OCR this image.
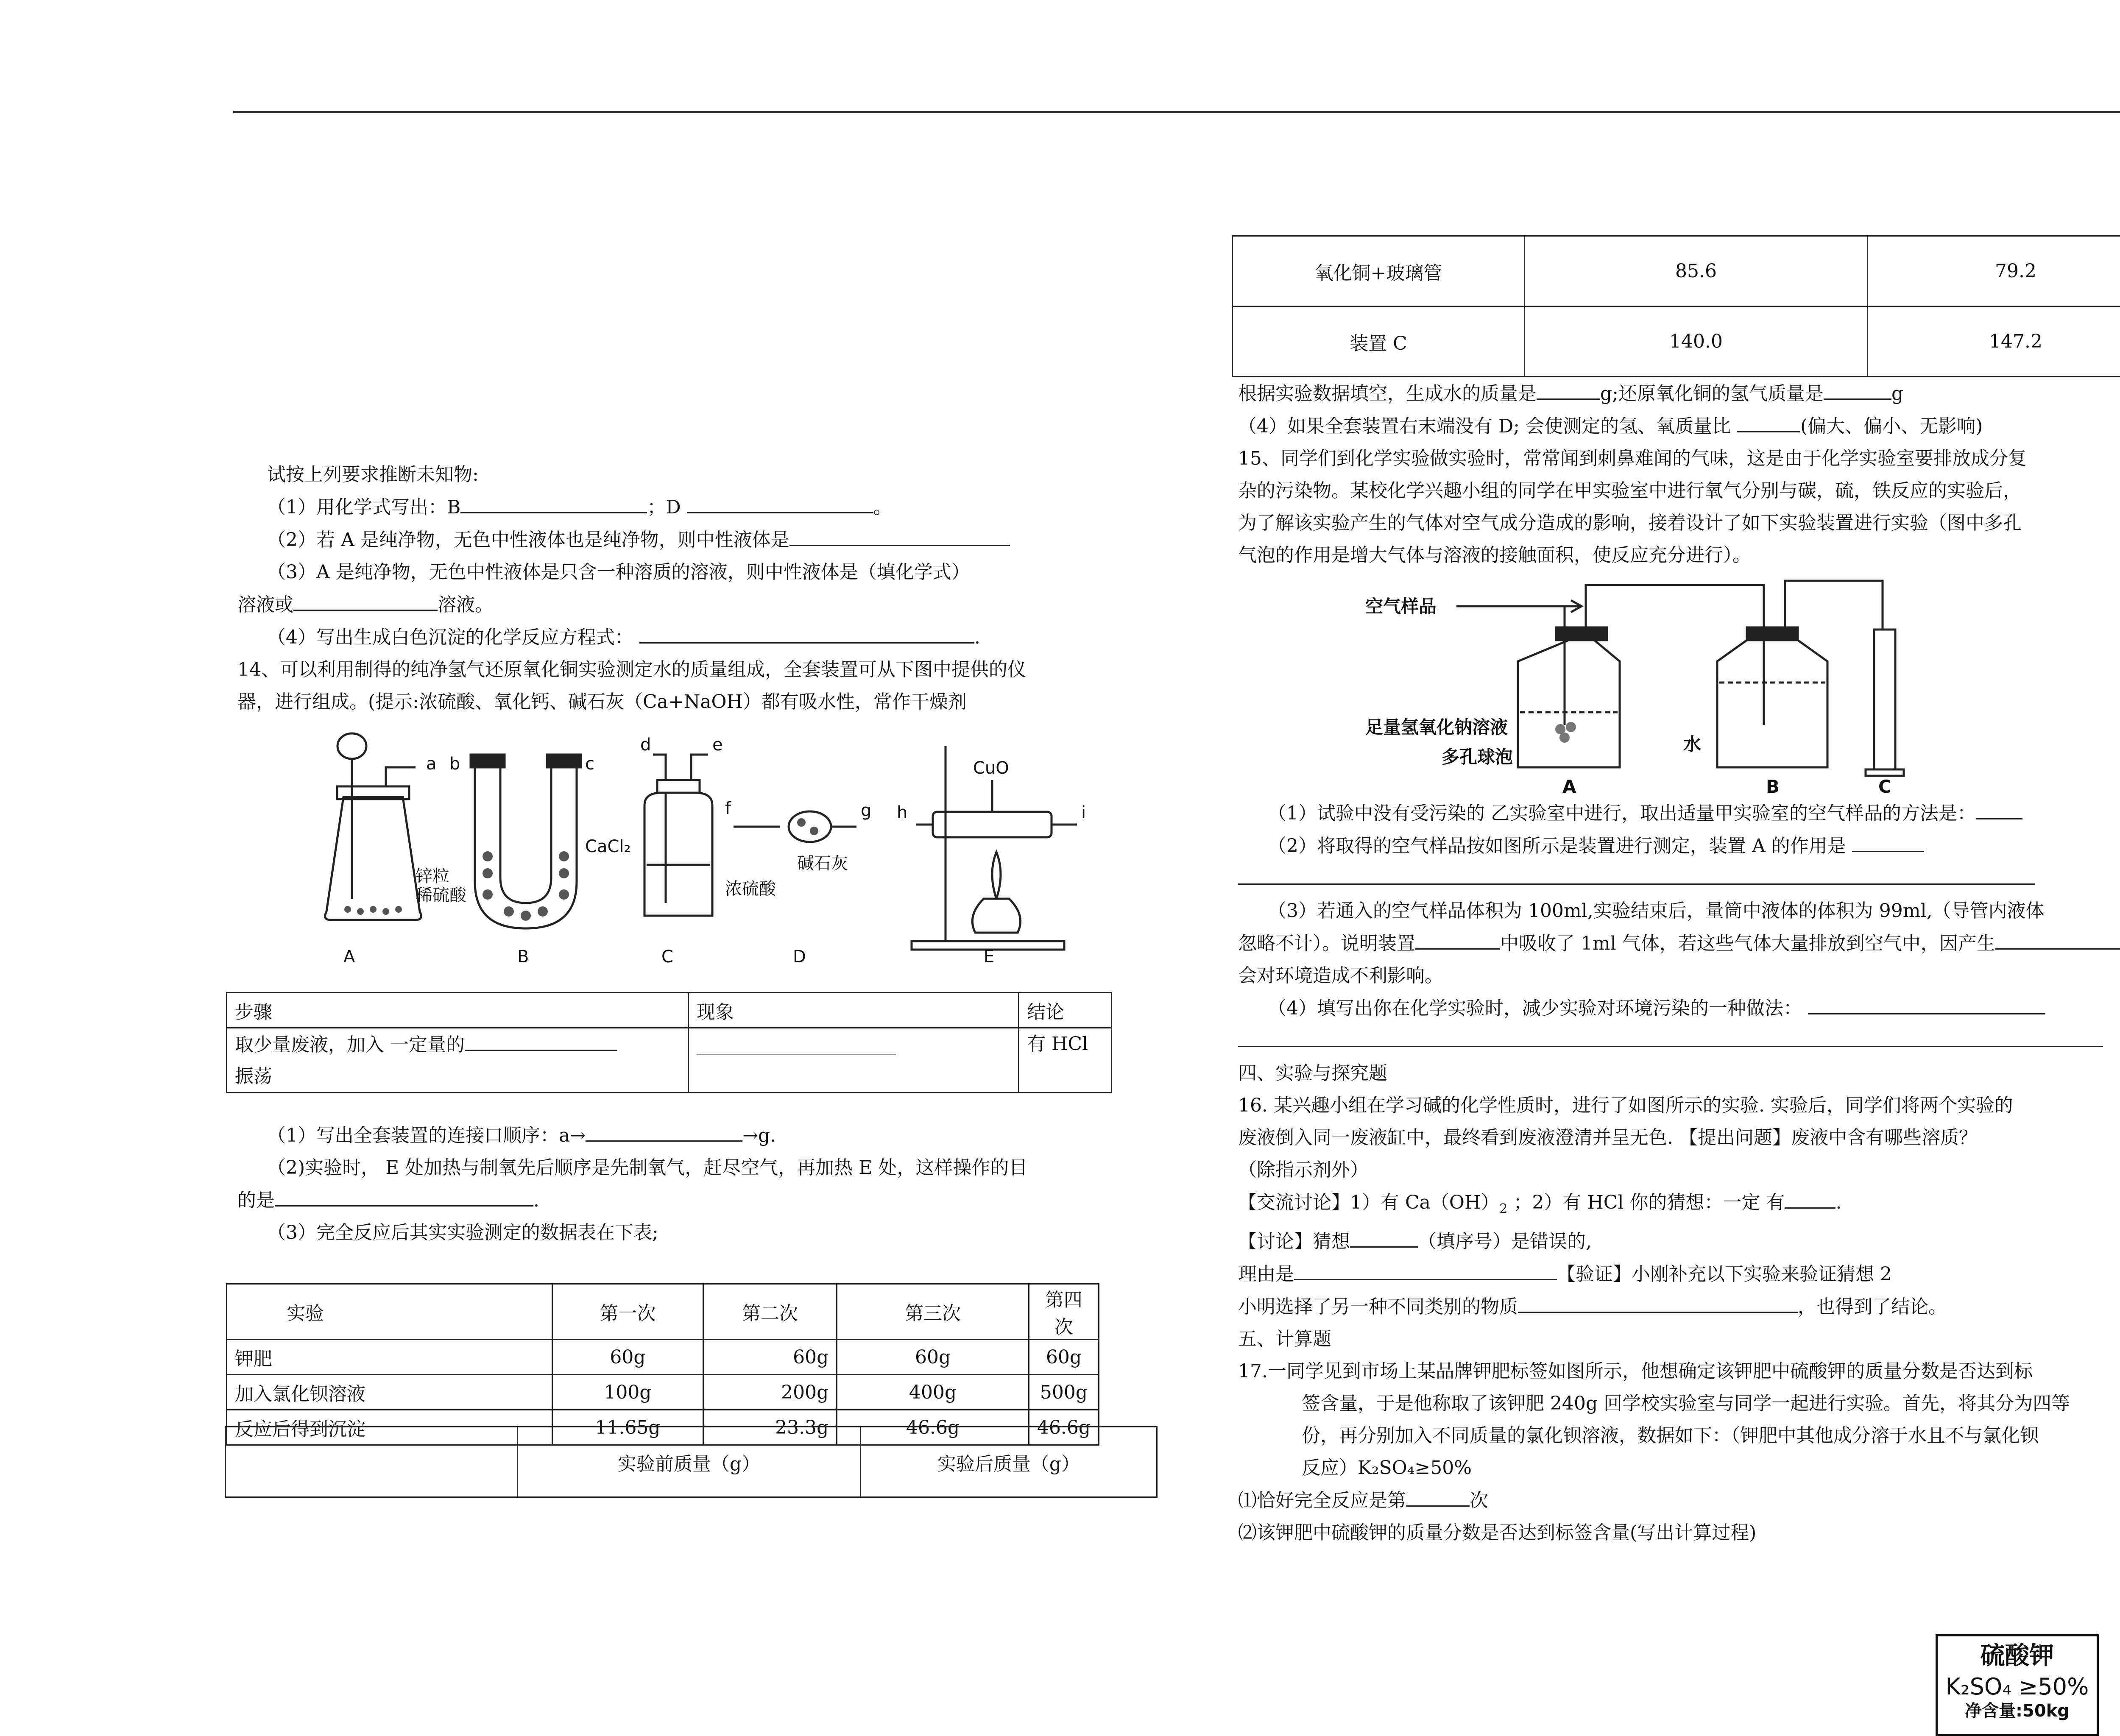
试按上列要求推断未知物:

（1）用化学式写出：B	；D	。

（2）若 A 是纯净物，无色中性液体也是纯净物，则中性液体是

（3）A 是纯净物，无色中性液体是只含一种溶质的溶液，则中性液体是（填化学式）

溶液或	溶液。

（4）写出生成白色沉淀的化学反应方程式：	.

14、可以利用制得的纯净氢气还原氧化铜实验测定水的质量组成，全套装置可从下图中提供的仪

器，进行组成。(提示:浓硫酸、氧化钙、碱石灰（Ca+NaOH）都有吸水性，常作干燥剂

a b	c
d	e
f	g h	i
锌粒
稀硫酸
CaCl₂
浓硫酸
碱石灰
CuO
A	B	C	D	E
步骤	现象	结论
取少量废液，加入 一定量的
振荡		有 HCl

（1）写出全套装置的连接口顺序：a→	→g.

（2)实验时， E 处加热与制氧先后顺序是先制氧气，赶尽空气，再加热 E 处，这样操作的目

的是	.

（3）完全反应后其实实验测定的数据表在下表;

实验	第一次	第二次	第三次	第四次
钾肥	60g	60g	60g	60g
加入氯化钡溶液	100g	200g	400g	500g
反应后得到沉淀	11.65g	23.3g	46.6g	46.6g
	实验前质量（g）	实验后质量（g）
氧化铜+玻璃管	85.6	79.2
装置 C	140.0	147.2

根据实验数据填空，生成水的质量是	g;还原氧化铜的氢气质量是	g

（4）如果全套装置右末端没有 D; 会使测定的氢、氧质量比	(偏大、偏小、无影响)

15、同学们到化学实验做实验时，常常闻到刺鼻难闻的气味，这是由于化学实验室要排放成分复

杂的污染物。某校化学兴趣小组的同学在甲实验室中进行氧气分别与碳，硫，铁反应的实验后，

为了解该实验产生的气体对空气成分造成的影响，接着设计了如下实验装置进行实验（图中多孔

气泡的作用是增大气体与溶液的接触面积，使反应充分进行）。

空气样品
足量氢氧化钠溶液
多孔球泡
水
A	B	C

（1）试验中没有受污染的 乙实验室中进行，取出适量甲实验室的空气样品的方法是：

（2）将取得的空气样品按如图所示是装置进行测定，装置 A 的作用是

（3）若通入的空气样品体积为 100ml,实验结束后，量筒中液体的体积为 99ml,（导管内液体

忽略不计）。说明装置	中吸收了 1ml 气体，若这些气体大量排放到空气中，因产生

会对环境造成不利影响。

（4）填写出你在化学实验时，减少实验对环境污染的一种做法：

四、实验与探究题

16. 某兴趣小组在学习碱的化学性质时，进行了如图所示的实验. 实验后，同学们将两个实验的

废液倒入同一废液缸中，最终看到废液澄清并呈无色. 【提出问题】废液中含有哪些溶质？

（除指示剂外）

【交流讨论】1）有 $Ca(OH)_2$ ；2）有 HCl 你的猜想：一定 有	.

【讨论】猜想	（填序号）是错误的,

理由是	【验证】小刚补充以下实验来验证猜想 2

小明选择了另一种不同类别的物质	，也得到了结论。

五、计算题

17.一同学见到市场上某品牌钾肥标签如图所示，他想确定该钾肥中硫酸钾的质量分数是否达到标

签含量，于是他称取了该钾肥 240g 回学校实验室与同学一起进行实验。首先，将其分为四等

份，再分别加入不同质量的氯化钡溶液，数据如下：（钾肥中其他成分溶于水且不与氯化钡

反应）K₂SO₄≥50%

⑴恰好完全反应是第	次

⑵该钾肥中硫酸钾的质量分数是否达到标签含量(写出计算过程)

硫酸钾
K₂SO₄ ≥50%
净含量:50kg
